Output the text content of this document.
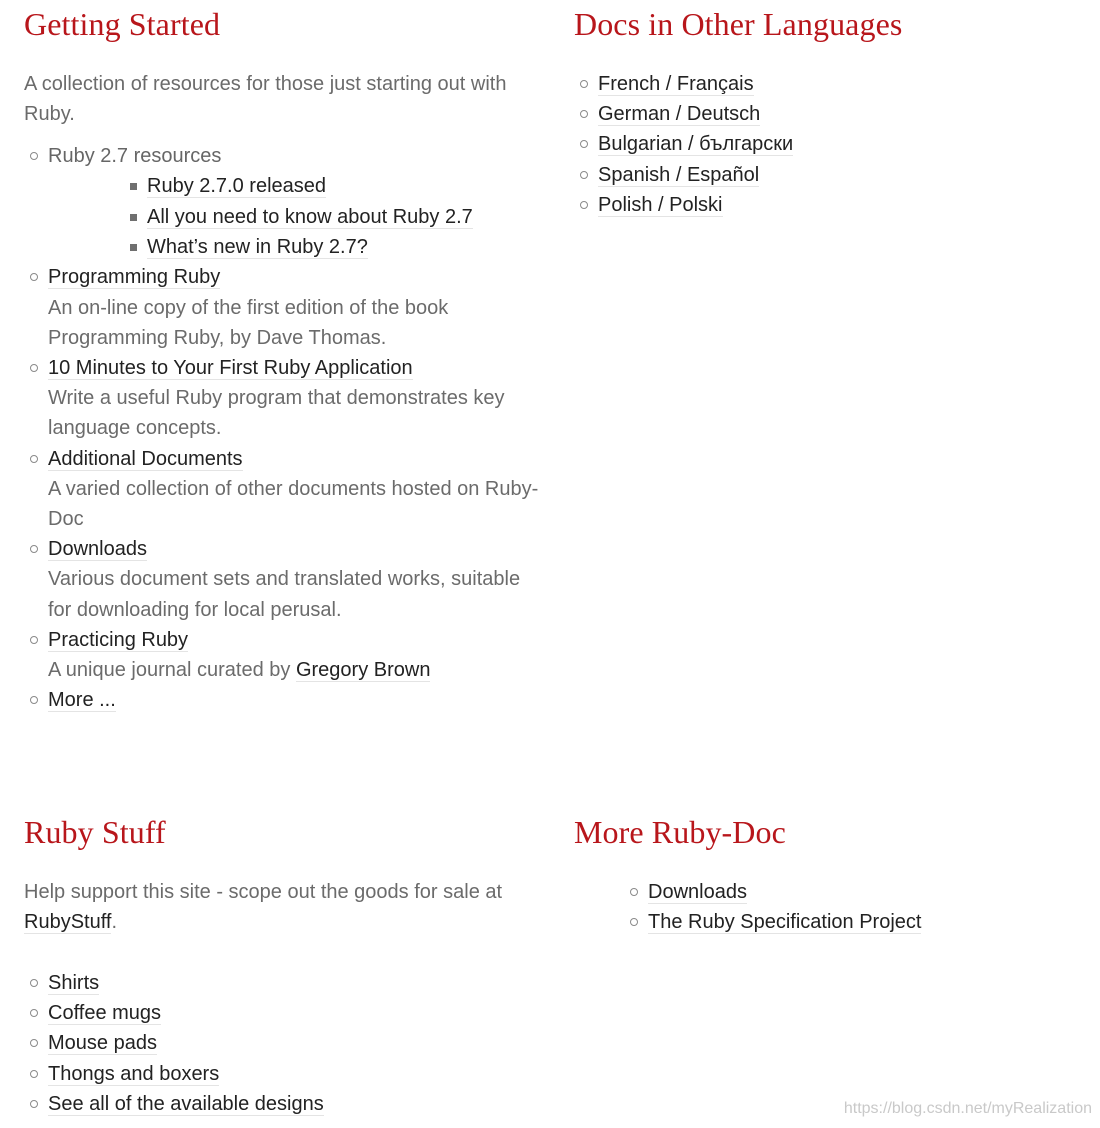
Getting Started

A collection of resources for those just starting out with Ruby.

Ruby 2.7 resources
Ruby 2.7.0 released
All you need to know about Ruby 2.7
What’s new in Ruby 2.7?
Programming Ruby
An on-line copy of the first edition of the book Programming Ruby, by Dave Thomas.
10 Minutes to Your First Ruby Application
Write a useful Ruby program that demonstrates key language concepts.
Additional Documents
A varied collection of other documents hosted on Ruby-Doc
Downloads
Various document sets and translated works, suitable for downloading for local perusal.
Practicing Ruby
A unique journal curated by Gregory Brown
More ...
Docs in Other Languages
French / Français
German / Deutsch
Bulgarian / български
Spanish / Español
Polish / Polski
Ruby Stuff

Help support this site - scope out the goods for sale at RubyStuff.

Shirts
Coffee mugs
Mouse pads
Thongs and boxers
See all of the available designs
More Ruby-Doc
Downloads
The Ruby Specification Project
https://blog.csdn.net/myRealization
